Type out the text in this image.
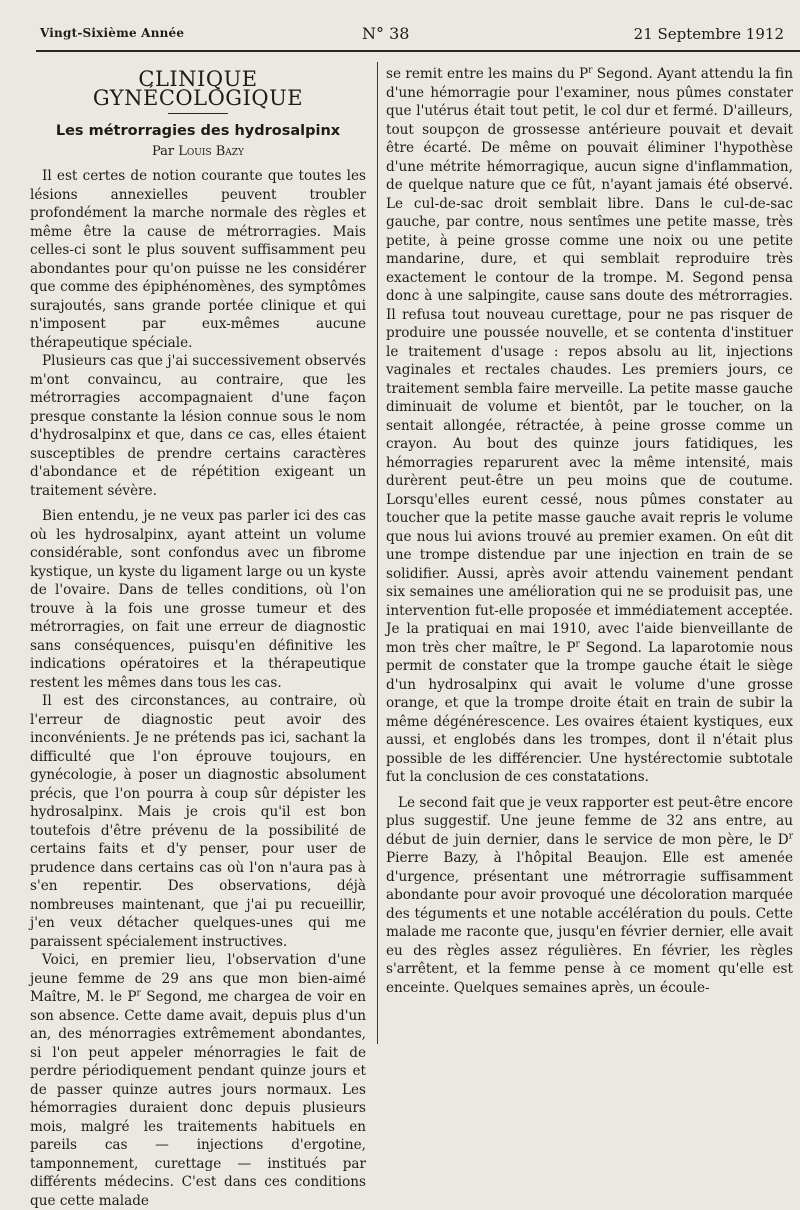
Vingt-Sixième Année	N° 38	21 Septembre 1912
CLINIQUE GYNÉCOLOGIQUE
Les métrorragies des hydrosalpinx
Par Louis Bazy

Il est certes de notion courante que toutes les lésions annexielles peuvent troubler profondément la marche normale des règles et même être la cause de métrorragies. Mais celles-ci sont le plus souvent suffisamment peu abondantes pour qu'on puisse ne les considérer que comme des épiphénomènes, des symptômes surajoutés, sans grande portée clinique et qui n'imposent par eux-mêmes aucune thérapeutique spéciale.

Plusieurs cas que j'ai successivement observés m'ont convaincu, au contraire, que les métrorragies accompagnaient d'une façon presque constante la lésion connue sous le nom d'hydrosalpinx et que, dans ce cas, elles étaient susceptibles de prendre certains caractères d'abondance et de répétition exigeant un traitement sévère.

Bien entendu, je ne veux pas parler ici des cas où les hydrosalpinx, ayant atteint un volume considérable, sont confondus avec un fibrome kystique, un kyste du ligament large ou un kyste de l'ovaire. Dans de telles conditions, où l'on trouve à la fois une grosse tumeur et des métrorragies, on fait une erreur de diagnostic sans conséquences, puisqu'en définitive les indications opératoires et la thérapeutique restent les mêmes dans tous les cas.

Il est des circonstances, au contraire, où l'erreur de diagnostic peut avoir des inconvénients. Je ne prétends pas ici, sachant la difficulté que l'on éprouve toujours, en gynécologie, à poser un diagnostic absolument précis, que l'on pourra à coup sûr dépister les hydrosalpinx. Mais je crois qu'il est bon toutefois d'être prévenu de la possibilité de certains faits et d'y penser, pour user de prudence dans certains cas où l'on n'aura pas à s'en repentir. Des observations, déjà nombreuses maintenant, que j'ai pu recueillir, j'en veux détacher quelques-unes qui me paraissent spécialement instructives.

Voici, en premier lieu, l'observation d'une jeune femme de 29 ans que mon bien-aimé Maître, M. le $P^r$ Segond, me chargea de voir en son absence. Cette dame avait, depuis plus d'un an, des ménorragies extrêmement abondantes, si l'on peut appeler ménorragies le fait de perdre périodiquement pendant quinze jours et de passer quinze autres jours normaux. Les hémorragies duraient donc depuis plusieurs mois, malgré les traitements habituels en pareils cas — injections d'ergotine, tamponnement, curettage — institués par différents médecins. C'est dans ces conditions que cette malade

se remit entre les mains du $P^r$ Segond. Ayant attendu la fin d'une hémorragie pour l'examiner, nous pûmes constater que l'utérus était tout petit, le col dur et fermé. D'ailleurs, tout soupçon de grossesse antérieure pouvait et devait être écarté. De même on pouvait éliminer l'hypothèse d'une métrite hémorragique, aucun signe d'inflammation, de quelque nature que ce fût, n'ayant jamais été observé. Le cul-de-sac droit semblait libre. Dans le cul-de-sac gauche, par contre, nous sentîmes une petite masse, très petite, à peine grosse comme une noix ou une petite mandarine, dure, et qui semblait reproduire très exactement le contour de la trompe. M. Segond pensa donc à une salpingite, cause sans doute des métrorragies. Il refusa tout nouveau curettage, pour ne pas risquer de produire une poussée nouvelle, et se contenta d'instituer le traitement d'usage : repos absolu au lit, injections vaginales et rectales chaudes. Les premiers jours, ce traitement sembla faire merveille. La petite masse gauche diminuait de volume et bientôt, par le toucher, on la sentait allongée, rétractée, à peine grosse comme un crayon. Au bout des quinze jours fatidiques, les hémorragies reparurent avec la même intensité, mais durèrent peut-être un peu moins que de coutume. Lorsqu'elles eurent cessé, nous pûmes constater au toucher que la petite masse gauche avait repris le volume que nous lui avions trouvé au premier examen. On eût dit une trompe distendue par une injection en train de se solidifier. Aussi, après avoir attendu vainement pendant six semaines une amélioration qui ne se produisit pas, une intervention fut-elle proposée et immédiatement acceptée. Je la pratiquai en mai 1910, avec l'aide bienveillante de mon très cher maître, le $P^r$ Segond. La laparotomie nous permit de constater que la trompe gauche était le siège d'un hydrosalpinx qui avait le volume d'une grosse orange, et que la trompe droite était en train de subir la même dégénérescence. Les ovaires étaient kystiques, eux aussi, et englobés dans les trompes, dont il n'était plus possible de les différencier. Une hystérectomie subtotale fut la conclusion de ces constatations.

Le second fait que je veux rapporter est peut-être encore plus suggestif. Une jeune femme de 32 ans entre, au début de juin dernier, dans le service de mon père, le $D^r$ Pierre Bazy, à l'hôpital Beaujon. Elle est amenée d'urgence, présentant une métrorragie suffisamment abondante pour avoir provoqué une décoloration marquée des téguments et une notable accélération du pouls. Cette malade me raconte que, jusqu'en février dernier, elle avait eu des règles assez régulières. En février, les règles s'arrêtent, et la femme pense à ce moment qu'elle est enceinte. Quelques semaines après, un écoule-
